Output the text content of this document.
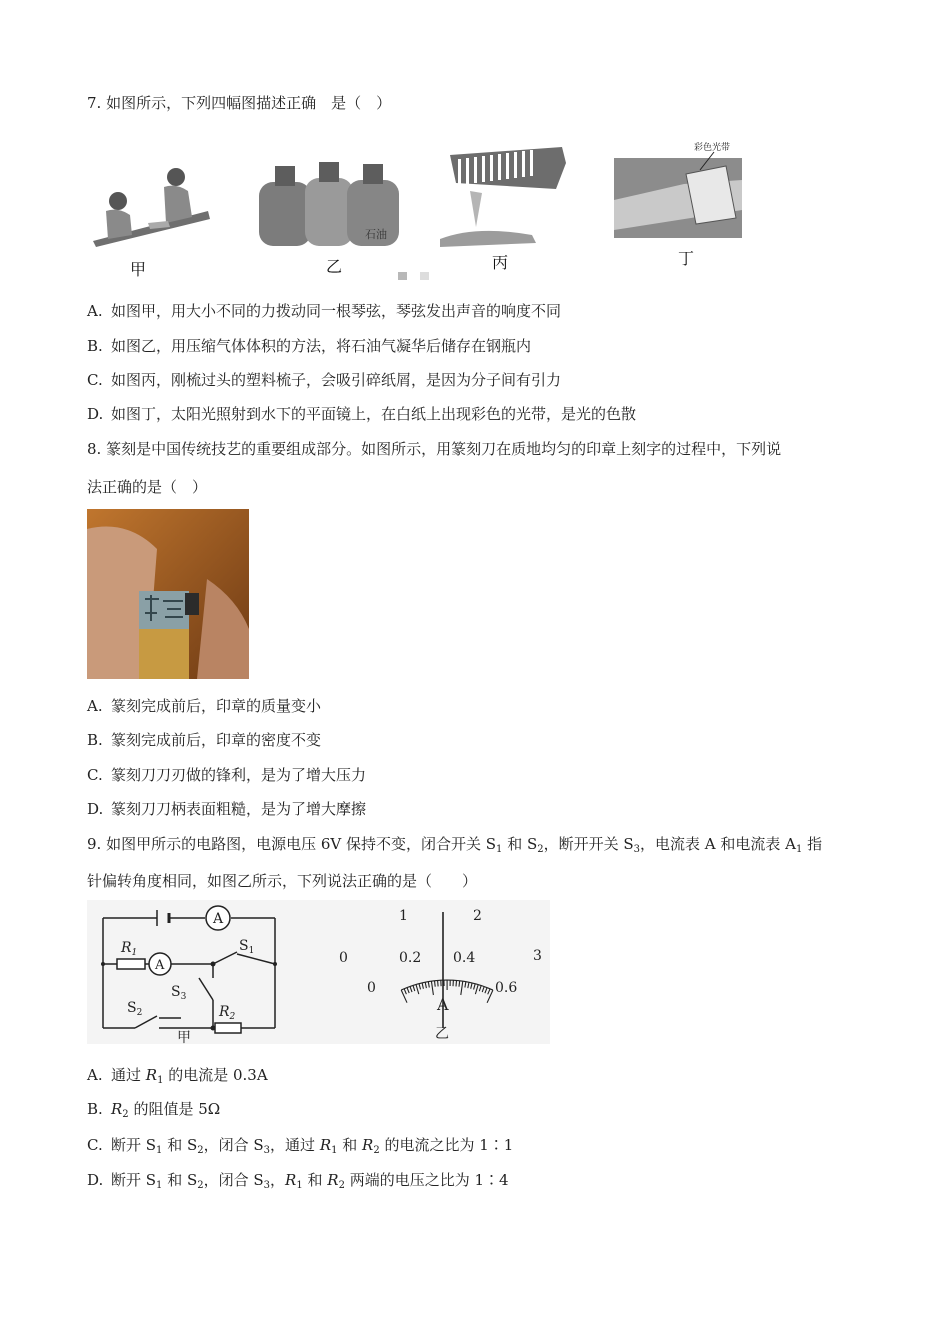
7. 如图所示，下列四幅图描述正确　是（　）
甲
石油
乙	丙
彩色光带
丁
A. 如图甲，用大小不同的力拨动同一根琴弦，琴弦发出声音的响度不同
B. 如图乙，用压缩气体体积的方法，将石油气凝华后储存在钢瓶内
C. 如图丙，刚梳过头的塑料梳子，会吸引碎纸屑，是因为分子间有引力
D. 如图丁，太阳光照射到水下的平面镜上，在白纸上出现彩色的光带，是光的色散
8. 篆刻是中国传统技艺的重要组成部分。如图所示，用篆刻刀在质地均匀的印章上刻字的过程中，下列说
法正确的是（　）
A. 篆刻完成前后，印章的质量变小
B. 篆刻完成前后，印章的密度不变
C. 篆刻刀刀刃做的锋利，是为了增大压力
D. 篆刻刀刀柄表面粗糙，是为了增大摩擦
9. 如图甲所示的电路图，电源电压 6V 保持不变，闭合开关 $S_1$ 和 $S_2$，断开开关 $S_3$，电流表 A 和电流表 $A_1$ 指
针偏转角度相同，如图乙所示，下列说法正确的是（　　）
A
A
$R_1$
$R_2$
$S_1$
$S_2$
$S_3$
甲
0
1	2
3
0
0.2 0.4
0.6
A
乙
A. 通过 $R_1$ 的电流是 0.3A
B. $R_2$ 的阻值是 5Ω
C. 断开 $S_1$ 和 $S_2$，闭合 $S_3$，通过 $R_1$ 和 $R_2$ 的电流之比为 1∶1
D. 断开 $S_1$ 和 $S_2$，闭合 $S_3$，$R_1$ 和 $R_2$ 两端的电压之比为 1∶4
